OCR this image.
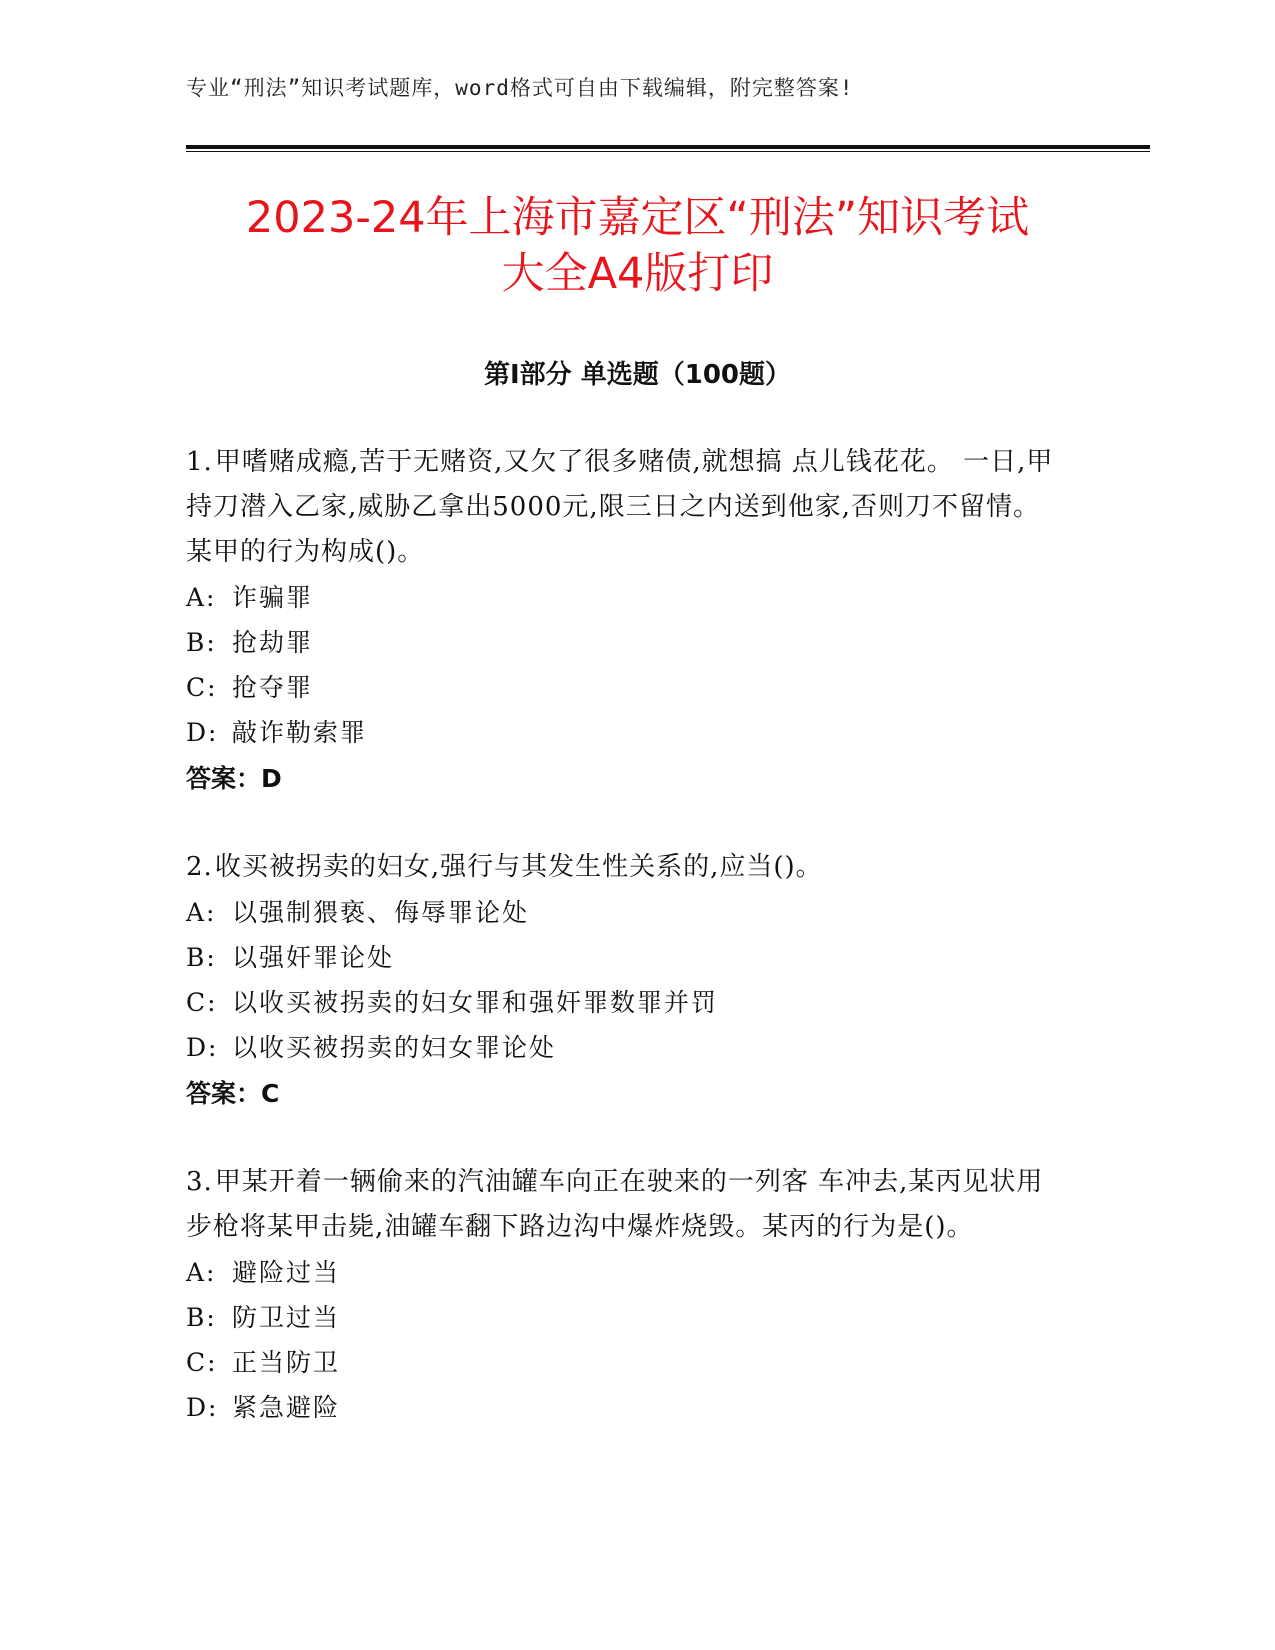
专业“刑法”知识考试题库，word格式可自由下载编辑，附完整答案!
2023-24年上海市嘉定区“刑法”知识考试
大全A4版打印
第Ⅰ部分 单选题（100题）

1.甲嗜赌成瘾,苦于无赌资,又欠了很多赌债,就想搞 点儿钱花花。 一日,甲持刀潜入乙家,威胁乙拿出5000元,限三日之内送到他家,否则刀不留情。某甲的行为构成()。

A: 诈骗罪
B: 抢劫罪
C: 抢夺罪
D: 敲诈勒索罪
答案：D

2.收买被拐卖的妇女,强行与其发生性关系的,应当()。

A: 以强制猥亵、侮辱罪论处
B: 以强奸罪论处
C: 以收买被拐卖的妇女罪和强奸罪数罪并罚
D: 以收买被拐卖的妇女罪论处
答案：C

3.甲某开着一辆偷来的汽油罐车向正在驶来的一列客 车冲去,某丙见状用步枪将某甲击毙,油罐车翻下路边沟中爆炸烧毁。某丙的行为是()。

A: 避险过当
B: 防卫过当
C: 正当防卫
D: 紧急避险
